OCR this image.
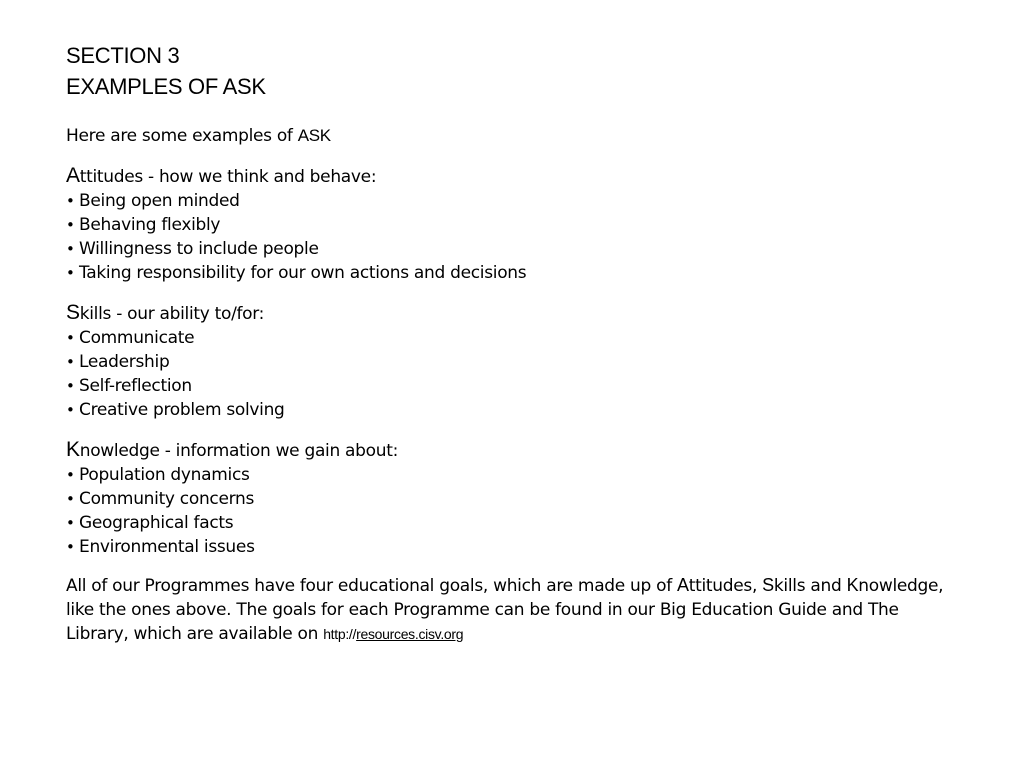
SECTION 3
EXAMPLES OF ASK
Here are some examples of ASK
Attitudes - how we think and behave:
• Being open minded
• Behaving flexibly
• Willingness to include people
• Taking responsibility for our own actions and decisions
Skills - our ability to/for:
• Communicate
• Leadership
• Self-reflection
• Creative problem solving
Knowledge - information we gain about:
• Population dynamics
• Community concerns
• Geographical facts
• Environmental issues
All of our Programmes have four educational goals, which are made up of Attitudes, Skills and Knowledge, like the ones above. The goals for each Programme can be found in our Big Education Guide and The Library, which are available on http://resources.cisv.org
